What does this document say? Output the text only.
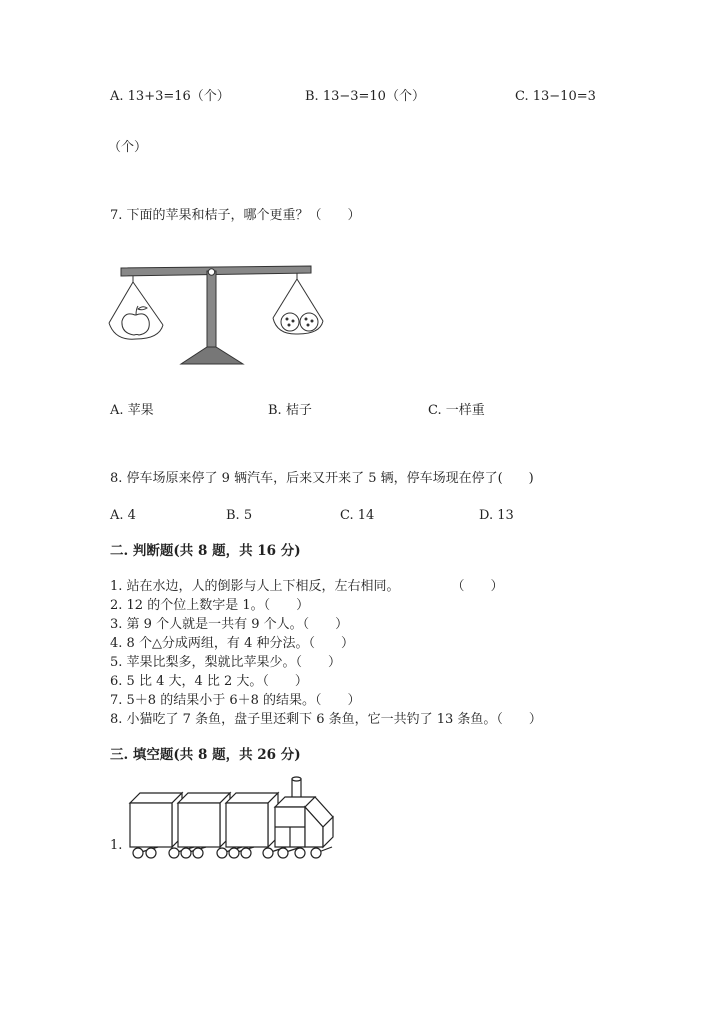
A. 13+3=16（个）	B. 13−3=10（个）	C. 13−10=3
（个）
7. 下面的苹果和桔子，哪个更重？（　　）
A. 苹果	B. 桔子	C. 一样重
8. 停车场原来停了 9 辆汽车，后来又开来了 5 辆，停车场现在停了(　　)
A. 4	B. 5	C. 14	D. 13
二. 判断题(共 8 题，共 16 分)
1. 站在水边，人的倒影与人上下相反，左右相同。　　　　　（　　）
2. 12 的个位上数字是 1。（　　）
3. 第 9 个人就是一共有 9 个人。（　　）
4. 8 个△分成两组，有 4 种分法。（　　）
5. 苹果比梨多，梨就比苹果少。（　　）
6. 5 比 4 大，4 比 2 大。（　　）
7. 5＋8 的结果小于 6＋8 的结果。（　　）
8. 小猫吃了 7 条鱼，盘子里还剩下 6 条鱼，它一共钓了 13 条鱼。（　　）
三. 填空题(共 8 题，共 26 分)
1.
